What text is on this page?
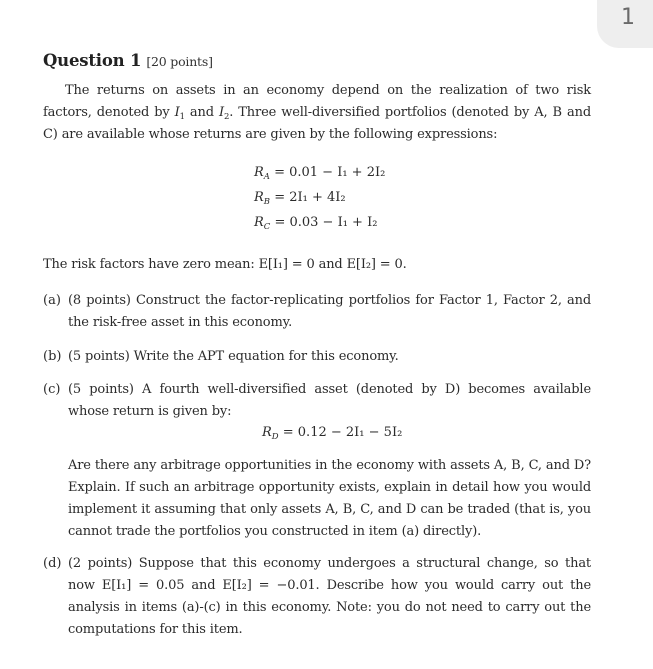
1
Question 1 [20 points]
The returns on assets in an economy depend on the realization of two risk factors, denoted by $I_1$ and $I_2$. Three well-diversified portfolios (denoted by A, B and C) are available whose returns are given by the following expressions:
$R_A = 0.01 - I_1 + 2I_2$
$R_B = 2I_1 + 4I_2$
$R_C = 0.03 - I_1 + I_2$
The risk factors have zero mean: E[I₁] = 0 and E[I₂] = 0.
(a) (8 points) Construct the factor-replicating portfolios for Factor 1, Factor 2, and the risk-free asset in this economy.
(b) (5 points) Write the APT equation for this economy.
(c) (5 points) A fourth well-diversified asset (denoted by D) becomes available whose return is given by:
$R_D = 0.12 - 2I_1 - 5I_2$
Are there any arbitrage opportunities in the economy with assets A, B, C, and D? Explain. If such an arbitrage opportunity exists, explain in detail how you would implement it assuming that only assets A, B, C, and D can be traded (that is, you cannot trade the portfolios you constructed in item (a) directly).
(d) (2 points) Suppose that this economy undergoes a structural change, so that now E[I₁] = 0.05 and E[I₂] = −0.01. Describe how you would carry out the analysis in items (a)-(c) in this economy. Note: you do not need to carry out the computations for this item.
